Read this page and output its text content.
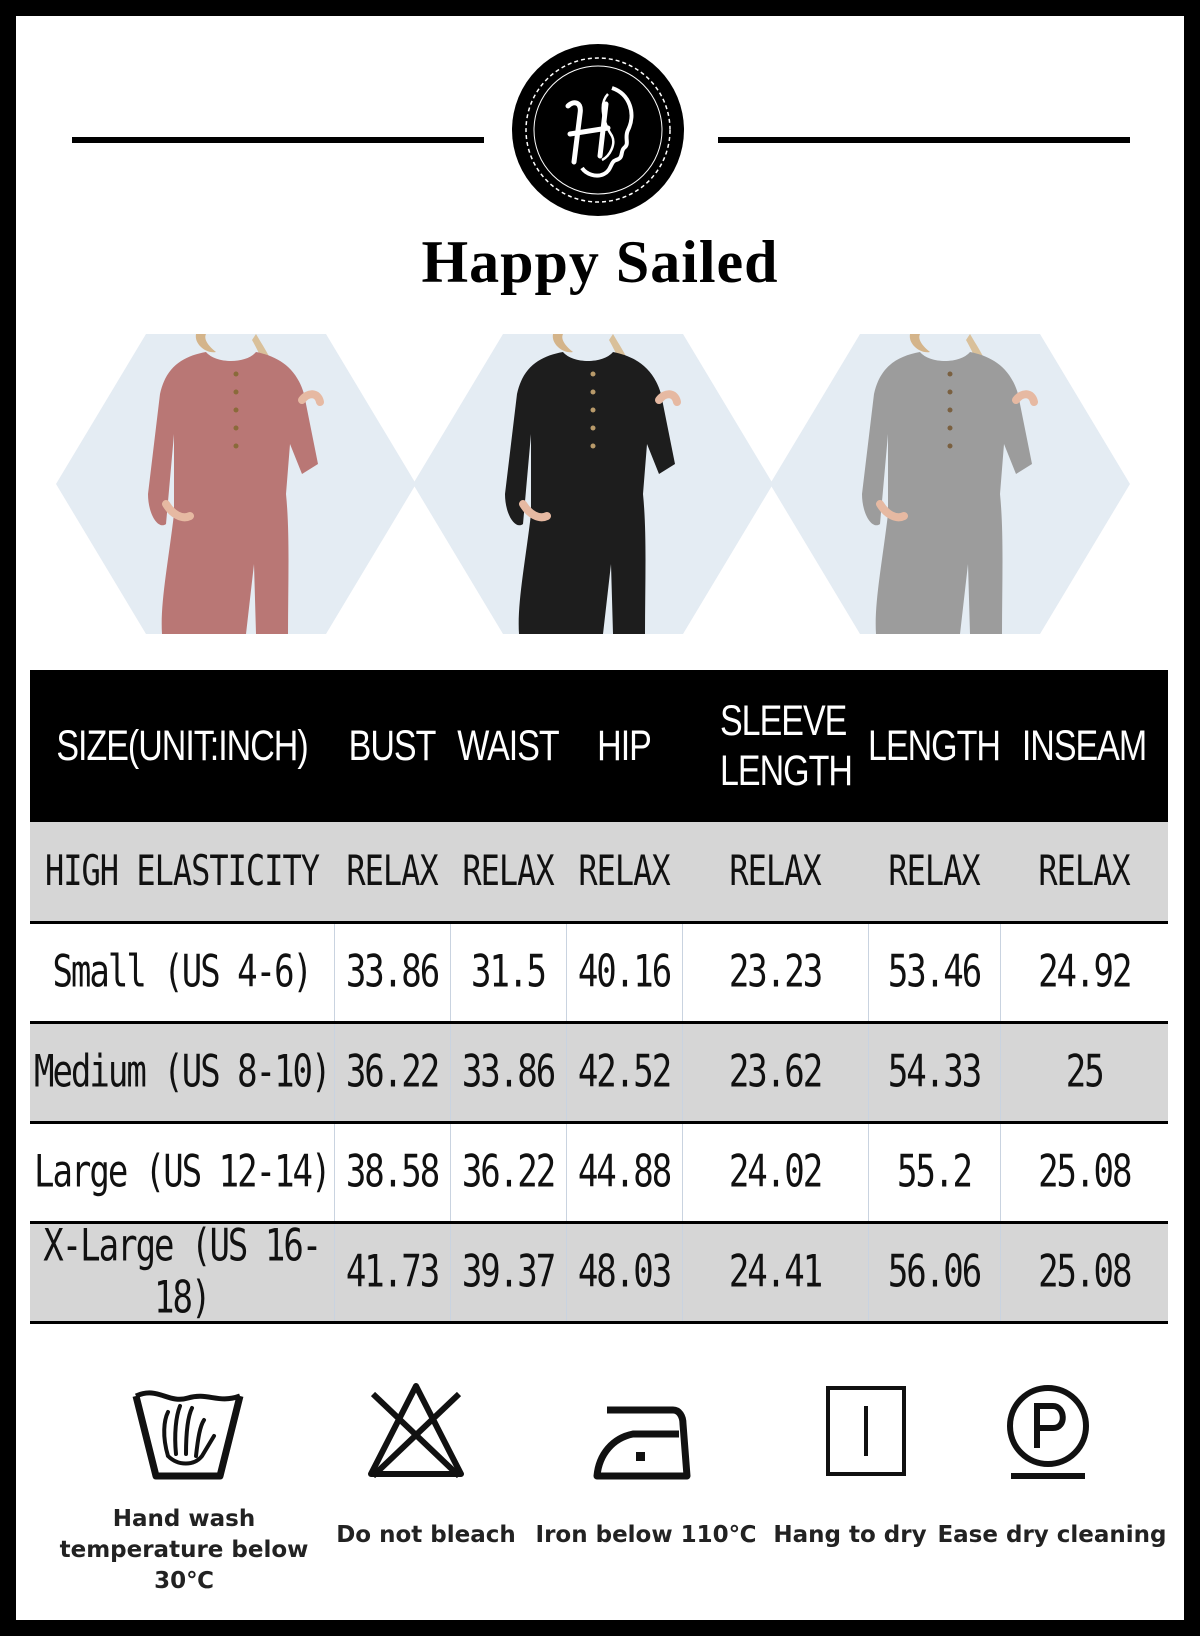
Happy Sailed
SIZE(UNIT:INCH)	BUST	WAIST	HIP	SLEEVE LENGTH	LENGTH	INSEAM
HIGH ELASTICITY	RELAX	RELAX	RELAX	RELAX	RELAX	RELAX
Small (US 4-6)	33.86	31.5	40.16	23.23	53.46	24.92
Medium (US 8-10)	36.22	33.86	42.52	23.62	54.33	25
Large (US 12-14)	38.58	36.22	44.88	24.02	55.2	25.08
X-Large (US 16-18)	41.73	39.37	48.03	24.41	56.06	25.08
Hand wash
temperature below 30℃
Do not bleach Iron below 110℃ Hang to dry Ease dry cleaning
